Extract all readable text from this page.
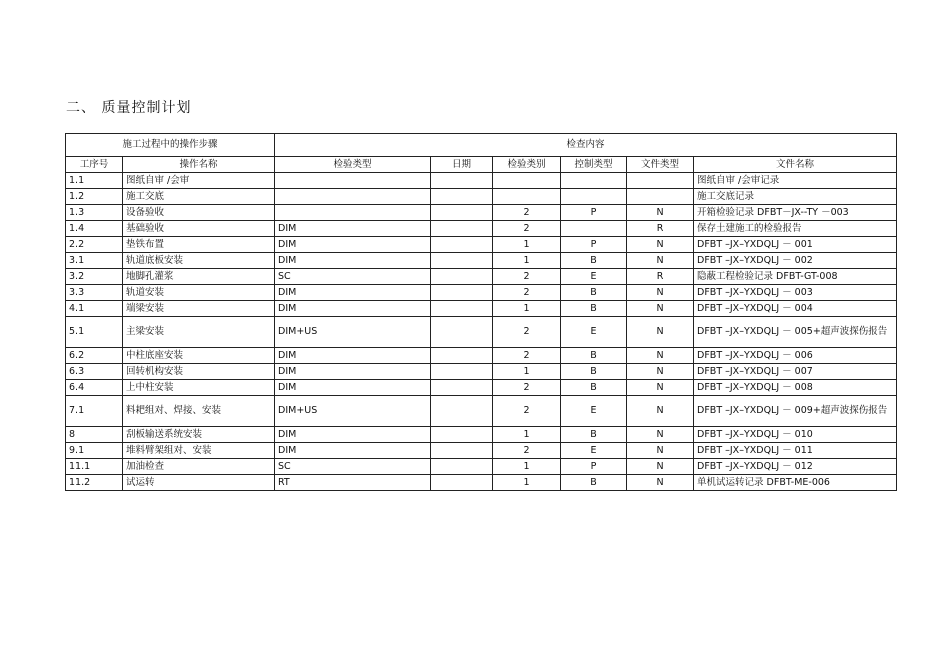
二、 质量控制计划
施工过程中的操作步骤		检查内容					
工序号	操作名称	检验类型	日期	检验类别	控制类型	文件类型	文件名称
1.1	图纸自审 /会审						图纸自审 /会审记录
1.2	施工交底						施工交底记录
1.3	设备验收			2	P	N	开箱检验记录 DFBT－JX--TY －003
1.4	基础验收	DIM		2		R	保存土建施工的检验报告
2.2	垫铁布置	DIM		1	P	N	DFBT –JX–YXDQLJ － 001
3.1	轨道底板安装	DIM		1	B	N	DFBT –JX–YXDQLJ － 002
3.2	地脚孔灌浆	SC		2	E	R	隐蔽工程检验记录 DFBT-GT-008
3.3	轨道安装	DIM		2	B	N	DFBT –JX–YXDQLJ － 003
4.1	端梁安装	DIM		1	B	N	DFBT –JX–YXDQLJ － 004
5.1	主梁安装	DIM+US		2	E	N	DFBT –JX–YXDQLJ － 005+超声波探伤报告
6.2	中柱底座安装	DIM		2	B	N	DFBT –JX–YXDQLJ － 006
6.3	回转机构安装	DIM		1	B	N	DFBT –JX–YXDQLJ － 007
6.4	上中柱安装	DIM		2	B	N	DFBT –JX–YXDQLJ － 008
7.1	料耙组对、焊接、安装	DIM+US		2	E	N	DFBT –JX–YXDQLJ － 009+超声波探伤报告
8	刮板输送系统安装	DIM		1	B	N	DFBT –JX–YXDQLJ － 010
9.1	堆料臂架组对、安装	DIM		2	E	N	DFBT –JX–YXDQLJ － 011
11.1	加油检查	SC		1	P	N	DFBT –JX–YXDQLJ － 012
11.2	试运转	RT		1	B	N	单机试运转记录 DFBT-ME-006
